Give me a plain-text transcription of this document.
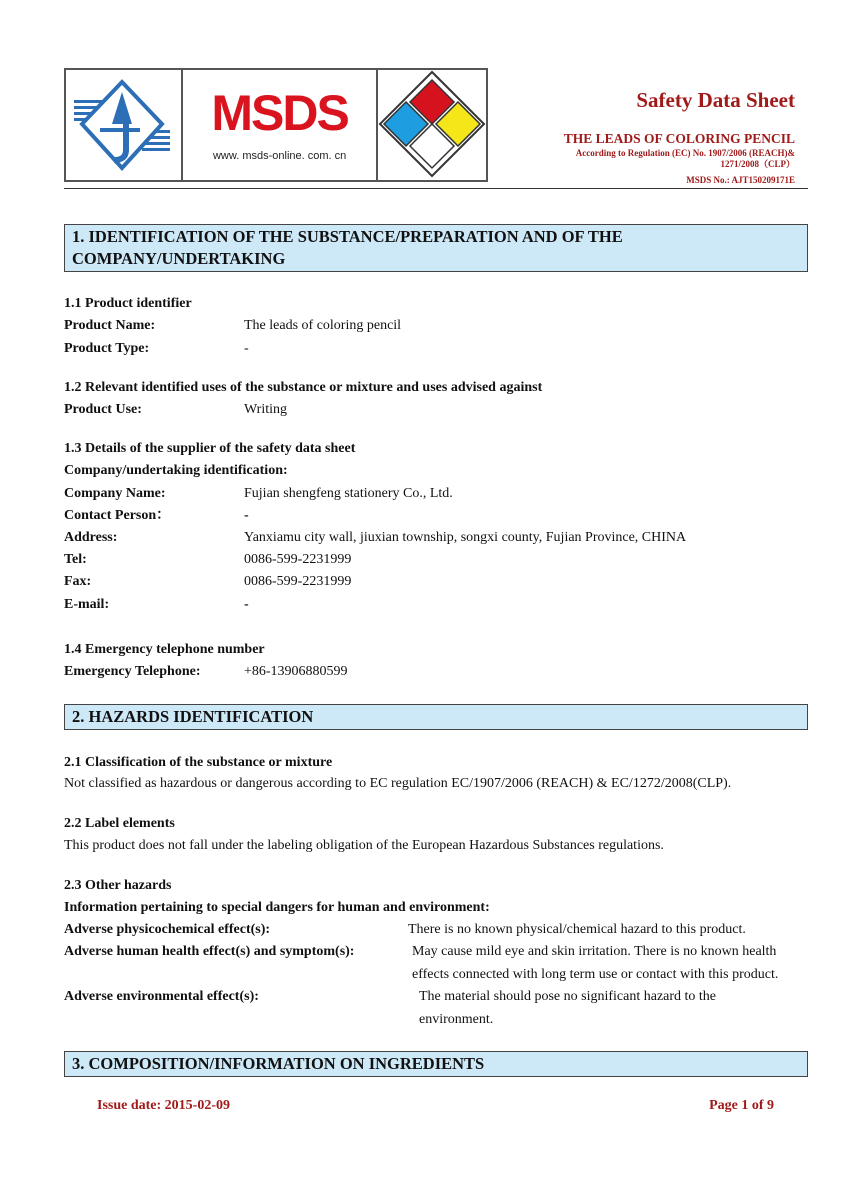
MSDS
www. msds-online. com. cn
Safety Data Sheet
THE LEADS OF COLORING PENCIL
According to Regulation (EC) No. 1907/2006 (REACH)&
1271/2008（CLP）
MSDS No.: AJT150209171E
1. IDENTIFICATION OF THE SUBSTANCE/PREPARATION AND OF THE
COMPANY/UNDERTAKING
1.1 Product identifier
Product Name:	The leads of coloring pencil
Product Type:	-
1.2 Relevant identified uses of the substance or mixture and uses advised against
Product Use:	Writing
1.3 Details of the supplier of the safety data sheet
Company/undertaking identification:
Company Name:	Fujian shengfeng stationery Co., Ltd.
Contact Person：	-
Address:	Yanxiamu city wall, jiuxian township, songxi county, Fujian Province, CHINA
Tel:	0086-599-2231999
Fax:	0086-599-2231999
E-mail:	-
1.4 Emergency telephone number
Emergency Telephone:	+86-13906880599
2. HAZARDS IDENTIFICATION
2.1 Classification of the substance or mixture
Not classified as hazardous or dangerous according to EC regulation EC/1907/2006 (REACH) & EC/1272/2008(CLP).
2.2 Label elements
This product does not fall under the labeling obligation of the European Hazardous Substances regulations.
2.3 Other hazards
Information pertaining to special dangers for human and environment:
Adverse physicochemical effect(s):	There is no known physical/chemical hazard to this product.
Adverse human health effect(s) and symptom(s):	May cause mild eye and skin irritation. There is no known health
effects connected with long term use or contact with this product.
Adverse environmental effect(s):	The material should pose no significant hazard to the
environment.
3. COMPOSITION/INFORMATION ON INGREDIENTS
Issue date: 2015-02-09	Page 1 of 9
